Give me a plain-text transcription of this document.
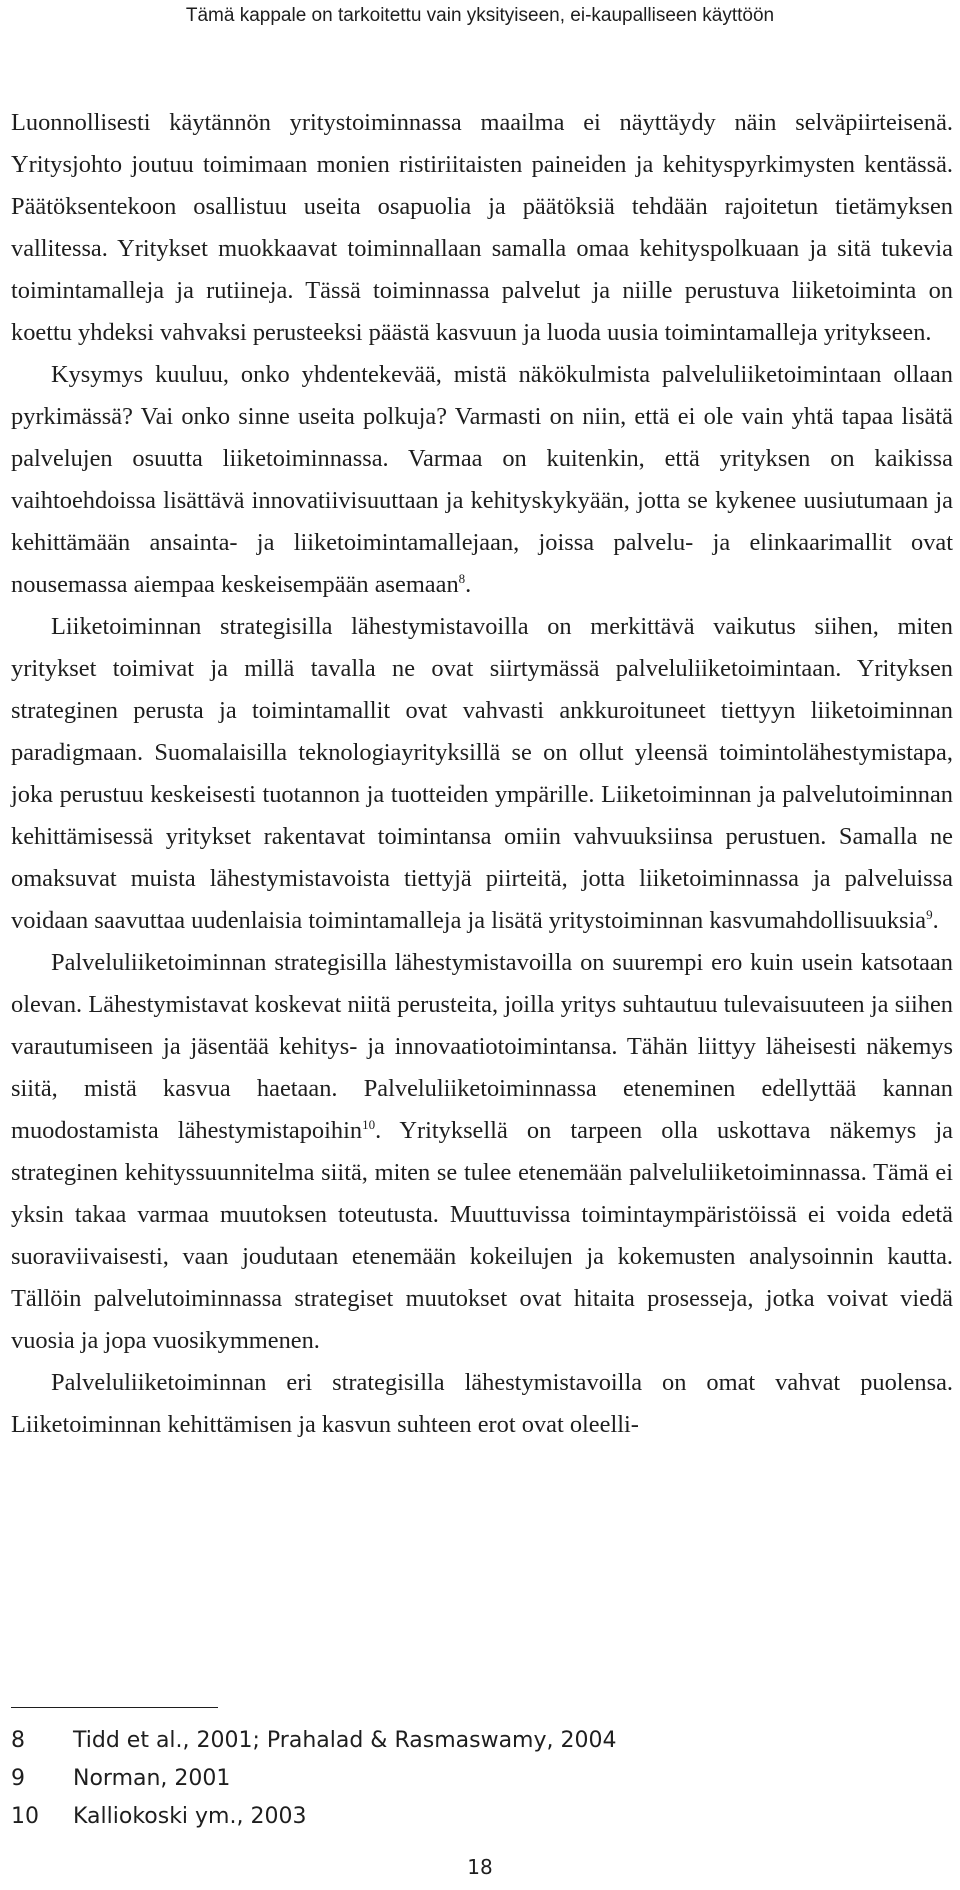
Tämä kappale on tarkoitettu vain yksityiseen, ei-kaupalliseen käyttöön

Luonnollisesti käytännön yritystoiminnassa maailma ei näyttäydy näin selväpiirteisenä. Yritysjohto joutuu toimimaan monien ristiriitaisten paineiden ja kehityspyrkimysten kentässä. Päätöksentekoon osallistuu useita osapuolia ja päätöksiä tehdään rajoitetun tietämyksen vallitessa. Yritykset muokkaavat toiminnallaan samalla omaa kehityspolkuaan ja sitä tukevia toimintamalleja ja rutiineja. Tässä toiminnassa palvelut ja niille perustuva liiketoiminta on koettu yhdeksi vahvaksi perusteeksi päästä kasvuun ja luoda uusia toimintamalleja yritykseen.

Kysymys kuuluu, onko yhdentekevää, mistä näkökulmista palveluliiketoimintaan ollaan pyrkimässä? Vai onko sinne useita polkuja? Varmasti on niin, että ei ole vain yhtä tapaa lisätä palvelujen osuutta liiketoiminnassa. Varmaa on kuitenkin, että yrityksen on kaikissa vaihtoehdoissa lisättävä innovatiivisuuttaan ja kehityskykyään, jotta se kykenee uusiutumaan ja kehittämään ansainta- ja liiketoimintamallejaan, joissa palvelu- ja elinkaarimallit ovat nousemassa aiempaa keskeisempään asemaan$^8$.

Liiketoiminnan strategisilla lähestymistavoilla on merkittävä vaikutus siihen, miten yritykset toimivat ja millä tavalla ne ovat siirtymässä palveluliiketoimintaan. Yrityksen strateginen perusta ja toimintamallit ovat vahvasti ankkuroituneet tiettyyn liiketoiminnan paradigmaan. Suomalaisilla teknologiayrityksillä se on ollut yleensä toimintolähestymistapa, joka perustuu keskeisesti tuotannon ja tuotteiden ympärille. Liiketoiminnan ja palvelutoiminnan kehittämisessä yritykset rakentavat toimintansa omiin vahvuuksiinsa perustuen. Samalla ne omaksuvat muista lähestymistavoista tiettyjä piirteitä, jotta liiketoiminnassa ja palveluissa voidaan saavuttaa uudenlaisia toimintamalleja ja lisätä yritystoiminnan kasvumahdollisuuksia$^9$.

Palveluliiketoiminnan strategisilla lähestymistavoilla on suurempi ero kuin usein katsotaan olevan. Lähestymistavat koskevat niitä perusteita, joilla yritys suhtautuu tulevaisuuteen ja siihen varautumiseen ja jäsentää kehitys- ja innovaatiotoimintansa. Tähän liittyy läheisesti näkemys siitä, mistä kasvua haetaan. Palveluliiketoiminnassa eteneminen edellyttää kannan muodostamista lähestymistapoihin$^{10}$. Yrityksellä on tarpeen olla uskottava näkemys ja strateginen kehityssuunnitelma siitä, miten se tulee etenemään palveluliiketoiminnassa. Tämä ei yksin takaa varmaa muutoksen toteutusta. Muuttuvissa toimintaympäristöissä ei voida edetä suoraviivaisesti, vaan joudutaan etenemään kokeilujen ja kokemusten analysoinnin kautta. Tällöin palvelutoiminnassa strategiset muutokset ovat hitaita prosesseja, jotka voivat viedä vuosia ja jopa vuosikymmenen.

Palveluliiketoiminnan eri strategisilla lähestymistavoilla on omat vahvat puolensa. Liiketoiminnan kehittämisen ja kasvun suhteen erot ovat oleelli-

8	Tidd et al., 2001; Prahalad & Rasmaswamy, 2004
9	Norman, 2001
10	Kalliokoski ym., 2003
18
